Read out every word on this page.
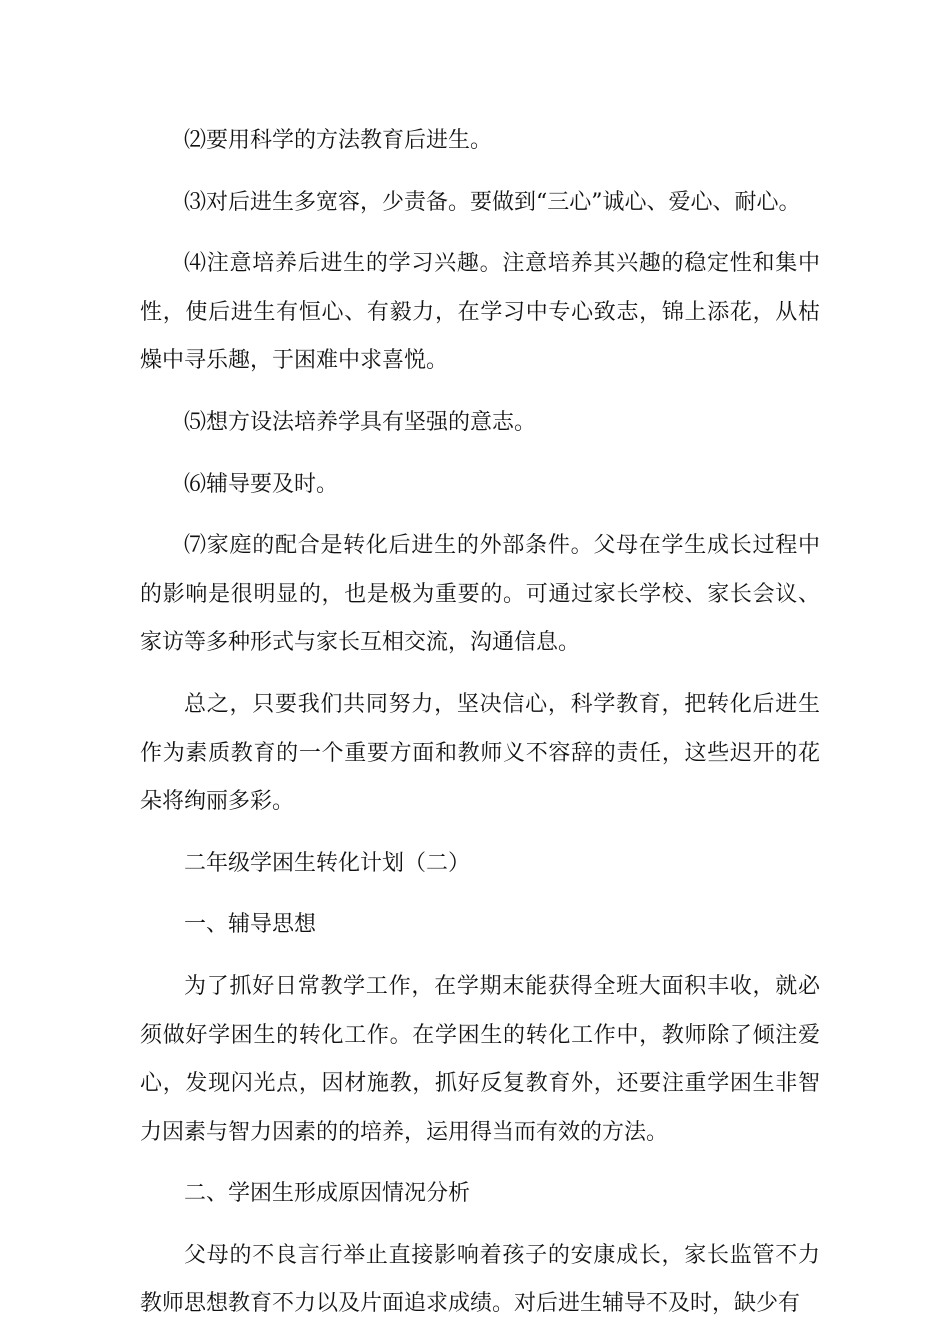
⑵要用科学的方法教育后进生。

⑶对后进生多宽容，少责备。要做到“三心”诚心、爱心、耐心。

⑷注意培养后进生的学习兴趣。注意培养其兴趣的稳定性和集中性，使后进生有恒心、有毅力，在学习中专心致志，锦上添花，从枯燥中寻乐趣，于困难中求喜悦。

⑸想方设法培养学具有坚强的意志。

⑹辅导要及时。

⑺家庭的配合是转化后进生的外部条件。父母在学生成长过程中的影响是很明显的，也是极为重要的。可通过家长学校、家长会议、家访等多种形式与家长互相交流，沟通信息。

总之，只要我们共同努力，坚决信心，科学教育，把转化后进生作为素质教育的一个重要方面和教师义不容辞的责任，这些迟开的花朵将绚丽多彩。

二年级学困生转化计划（二）

一、辅导思想

为了抓好日常教学工作，在学期末能获得全班大面积丰收，就必须做好学困生的转化工作。在学困生的转化工作中，教师除了倾注爱心，发现闪光点，因材施教，抓好反复教育外，还要注重学困生非智力因素与智力因素的的培养，运用得当而有效的方法。

二、学困生形成原因情况分析

父母的不良言行举止直接影响着孩子的安康成长，家长监管不力教师思想教育不力以及片面追求成绩。对后进生辅导不及时，缺少有
